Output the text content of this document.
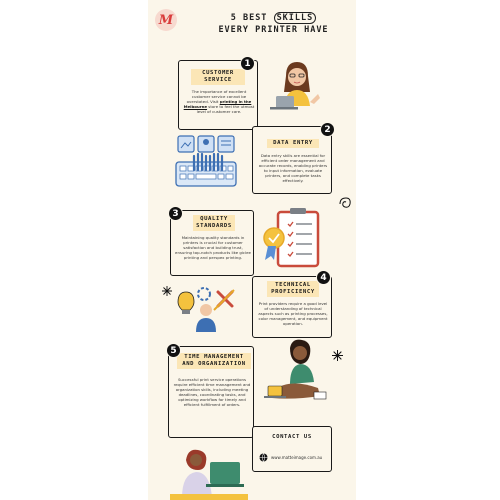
M	5 BEST SKILLS
EVERY PRINTER HAVE
CUSTOMER SERVICE
The importance of excellent customer service cannot be overstated. Visit printing in the Melbourne store to feel the utmost level of customer care.
1
DATA ENTRY
Data entry skills are essential for efficient order management and accurate records, enabling printers to input information, evaluate printers, and complete tasks effectively.
2
QUALITY STANDARDS
Maintaining quality standards in printers is crucial for customer satisfaction and building trust, ensuring top-notch products like giclee printing and perspex printing.
3
TECHNICAL PROFICIENCY
Print providers require a good level of understanding of technical aspects such as printing processes, color management, and equipment operation.
4
TIME MANAGEMENT AND ORGANIZATION
Successful print service operations require efficient time management and organization skills, including meeting deadlines, coordinating tasks, and optimizing workflow for timely and efficient fulfillment of orders.
5
CONTACT US
www.matteimage.com.au
